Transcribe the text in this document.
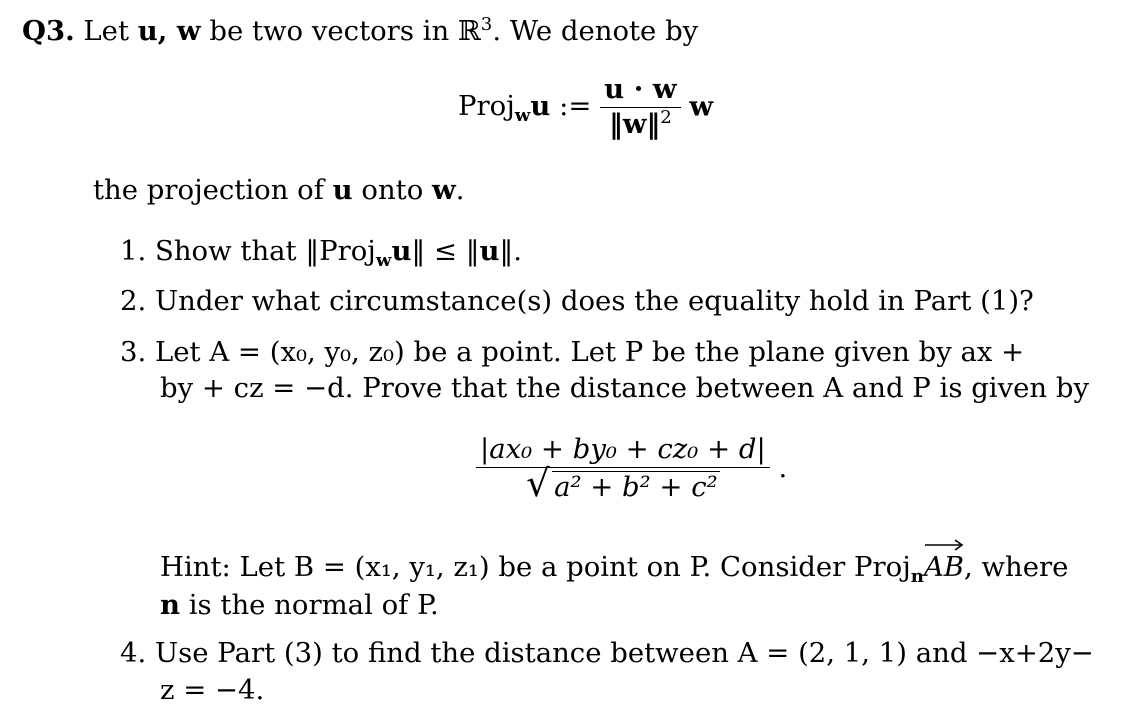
Q3. Let u, w be two vectors in ℝ$^3$. We denote by
Proj$_w$u := $\frac{u \cdot w}{‖w‖^2}$ w
the projection of u onto w.
1. Show that ‖Proj$_w$u‖ ≤ ‖u‖.
2. Under what circumstance(s) does the equality hold in Part (1)?
3. Let A = (x₀, y₀, z₀) be a point. Let P be the plane given by ax +
by + cz = −d. Prove that the distance between A and P is given by
$\frac{\text{|ax₀ + by₀ + cz₀ + d|}}{\text{√ a² + b² + c²}}$ .
Hint: Let B = (x₁, y₁, z₁) be a point on P. Consider Proj$_n$
AB, where
n is the normal of P.
4. Use Part (3) to find the distance between A = (2, 1, 1) and −x+2y−
z = −4.
